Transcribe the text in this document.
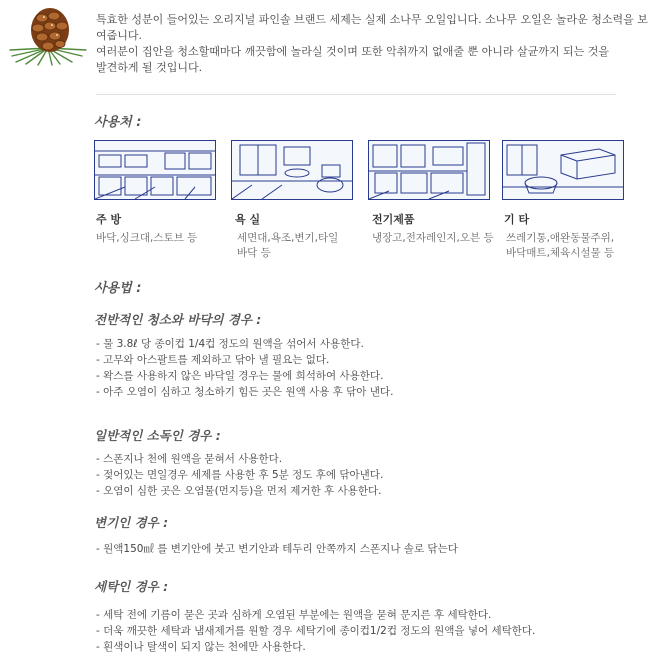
특효한 성분이 들어있는 오리지널 파인솔 브랜드 세제는 실제 소나무 오일입니다. 소나무 오일은 놀라운 청소력을 보여줍니다.

여러분이 집안을 청소할때마다 깨끗함에 놀라실 것이며 또한 악취까지 없애줄 뿐 아니라 살균까지 되는 것을

발견하게 될 것입니다.

사용처 :
주 방
바닥,싱크대,스토브 등
욕 실
세면대,욕조,변기,타일
바닥 등
전기제품
냉장고,전자레인지,오븐 등
기 타
쓰레기통,애완동물주위,
바닥매트,체육시설물 등
사용법 :
전반적인 청소와 바닥의 경우 :
- 물 3.8ℓ 당 종이컵 1/4컵 정도의 원액을 섞어서 사용한다.
- 고무와 아스팔트를 제외하고 닦아 낼 필요는 없다.
- 왁스를 사용하지 않은 바닥일 경우는 물에 희석하여 사용한다.
- 아주 오염이 심하고 청소하기 힘든 곳은 원액 사용 후 닦아 낸다.
일반적인 소독인 경우 :
- 스폰지나 천에 원액을 묻혀서 사용한다.
- 젖어있는 면일경우 세제를 사용한 후 5분 정도 후에 닦아낸다.
- 오염이 심한 곳은 오염물(먼지등)을 먼저 제거한 후 사용한다.
변기인 경우 :
- 원액150㎖ 를 변기안에 붓고 변기안과 테두리 안쪽까지 스폰지나 솔로 닦는다
세탁인 경우 :
- 세탁 전에 기름이 묻은 곳과 심하게 오염된 부분에는 원액을 묻혀 문지른 후 세탁한다.
- 더욱 깨끗한 세탁과 냄새제거를 원할 경우 세탁기에 종이컵1/2컵 정도의 원액을 넣어 세탁한다.
- 흰색이나 탈색이 되지 않는 천에만 사용한다.
